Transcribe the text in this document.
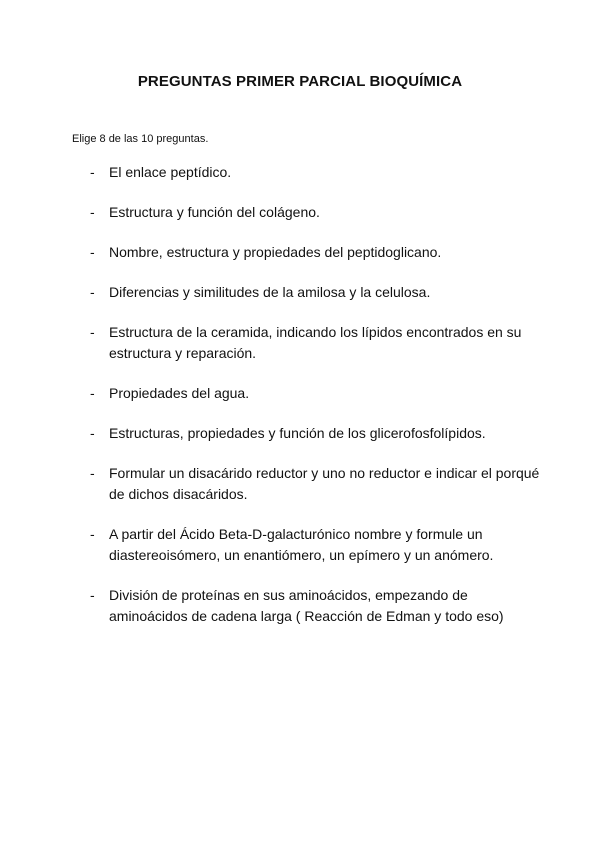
PREGUNTAS PRIMER PARCIAL BIOQUÍMICA

Elige 8 de las 10 preguntas.

- El enlace peptídico.
- Estructura y función del colágeno.
- Nombre, estructura y propiedades del peptidoglicano.
- Diferencias y similitudes de la amilosa y la celulosa.
- Estructura de la ceramida, indicando los lípidos encontrados en su estructura y reparación.
- Propiedades del agua.
- Estructuras, propiedades y función de los glicerofosfolípidos.
- Formular un disacárido reductor y uno no reductor e indicar el porqué de dichos disacáridos.
- A partir del Ácido Beta-D-galacturónico nombre y formule un diastereoisómero, un enantiómero, un epímero y un anómero.
- División de proteínas en sus aminoácidos, empezando de aminoácidos de cadena larga ( Reacción de Edman y todo eso)
